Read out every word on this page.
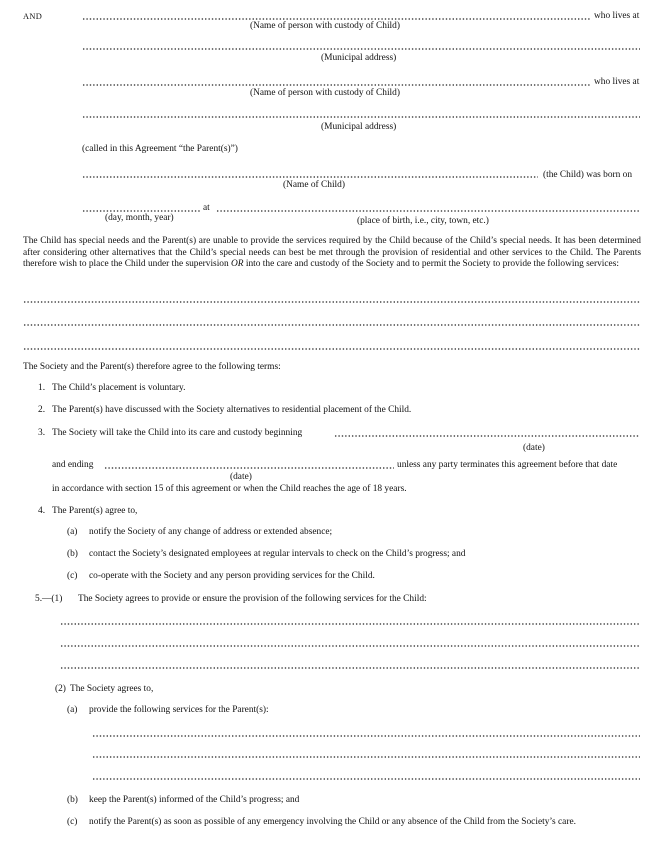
AND	who lives at
(Name of person with custody of Child)
(Municipal address)
who lives at
(Name of person with custody of Child)
(Municipal address)
(called in this Agreement “the Parent(s)”)
(the Child) was born on
(Name of Child)
at
(day, month, year)	(place of birth, i.e., city, town, etc.)
The Child has special needs and the Parent(s) are unable to provide the services required by the Child because of the Child’s special needs. It has been determined after considering other alternatives that the Child’s special needs can best be met through the provision of residential and other services to the Child. The Parents therefore wish to place the Child under the supervision OR into the care and custody of the Society and to permit the Society to provide the following services:
The Society and the Parent(s) therefore agree to the following terms:
1. The Child’s placement is voluntary.
2. The Parent(s) have discussed with the Society alternatives to residential placement of the Child.
3. The Society will take the Child into its care and custody beginning
(date)
and ending	unless any party terminates this agreement before that date
(date)
in accordance with section 15 of this agreement or when the Child reaches the age of 18 years.
4. The Parent(s) agree to,
(a) notify the Society of any change of address or extended absence;
(b) contact the Society’s designated employees at regular intervals to check on the Child’s progress; and
(c) co-operate with the Society and any person providing services for the Child.
5.—(1) The Society agrees to provide or ensure the provision of the following services for the Child:
(2) The Society agrees to,
(a) provide the following services for the Parent(s):
(b) keep the Parent(s) informed of the Child’s progress; and
(c) notify the Parent(s) as soon as possible of any emergency involving the Child or any absence of the Child from the Society’s care.
